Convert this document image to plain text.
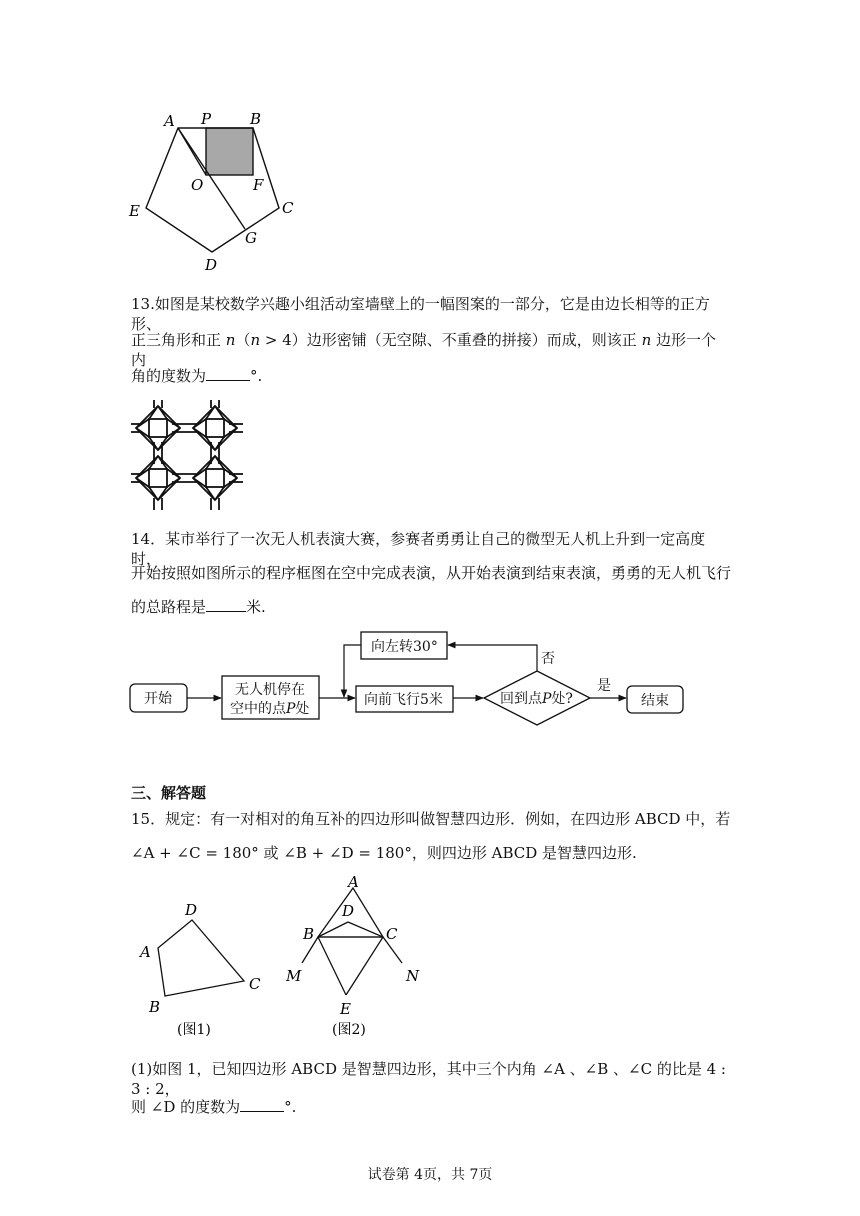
A P	B
O	F
E	C
G
D
13.如图是某校数学兴趣小组活动室墙壁上的一幅图案的一部分，它是由边长相等的正方形、
正三角形和正 n（n > 4）边形密铺（无空隙、不重叠的拼接）而成，则该正 n 边形一个内
角的度数为	°.
14．某市举行了一次无人机表演大赛，参赛者勇勇让自己的微型无人机上升到一定高度时，
开始按照如图所示的程序框图在空中完成表演，从开始表演到结束表演，勇勇的无人机飞行
的总路程是	米.
开始
无人机停在
空中的点P处
向左转30°
向前飞行5米	回到点P处?
否
是
结束
三、解答题
15．规定：有一对相对的角互补的四边形叫做智慧四边形．例如，在四边形 ABCD 中，若
∠A + ∠C = 180° 或 ∠B + ∠D = 180°，则四边形 ABCD 是智慧四边形.
A
D
C
B
A
D
B	C
M	N
E
(图1)	(图2)
(1)如图 1，已知四边形 ABCD 是智慧四边形，其中三个内角 ∠A 、∠B 、∠C 的比是 4 : 3 : 2，
则 ∠D 的度数为	°.
试卷第 4页，共 7页
